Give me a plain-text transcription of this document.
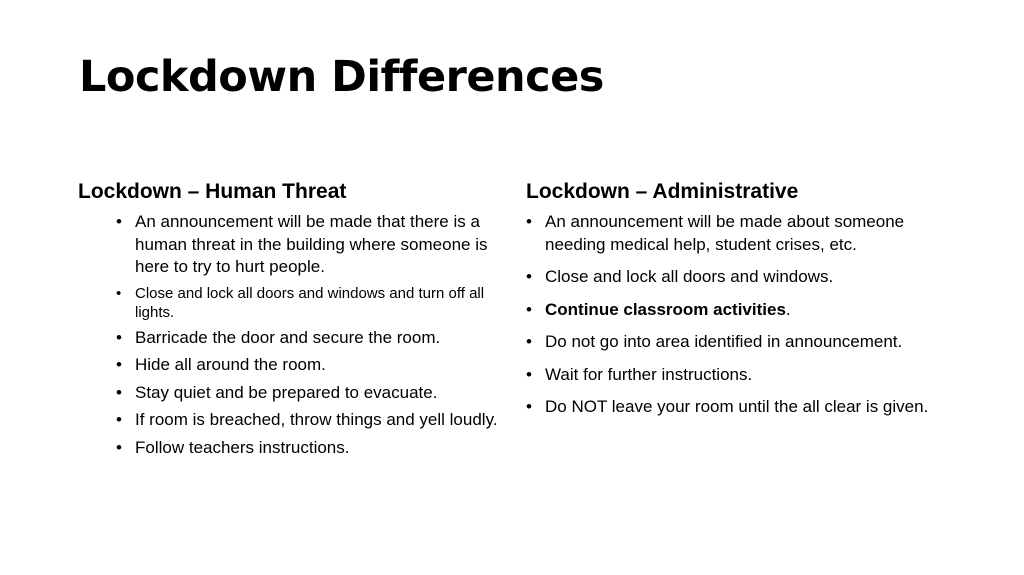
Lockdown Differences
Lockdown – Human Threat
• An announcement will be made that there is a human threat in the building where someone is here to try to hurt people.
• Close and lock all doors and windows and turn off all lights.
• Barricade the door and secure the room.
• Hide all around the room.
• Stay quiet and be prepared to evacuate.
• If room is breached, throw things and yell loudly.
• Follow teachers instructions.
Lockdown – Administrative
• An announcement will be made about someone needing medical help, student crises, etc.
• Close and lock all doors and windows.
• Continue classroom activities.
• Do not go into area identified in announcement.
• Wait for further instructions.
• Do NOT leave your room until the all clear is given.
